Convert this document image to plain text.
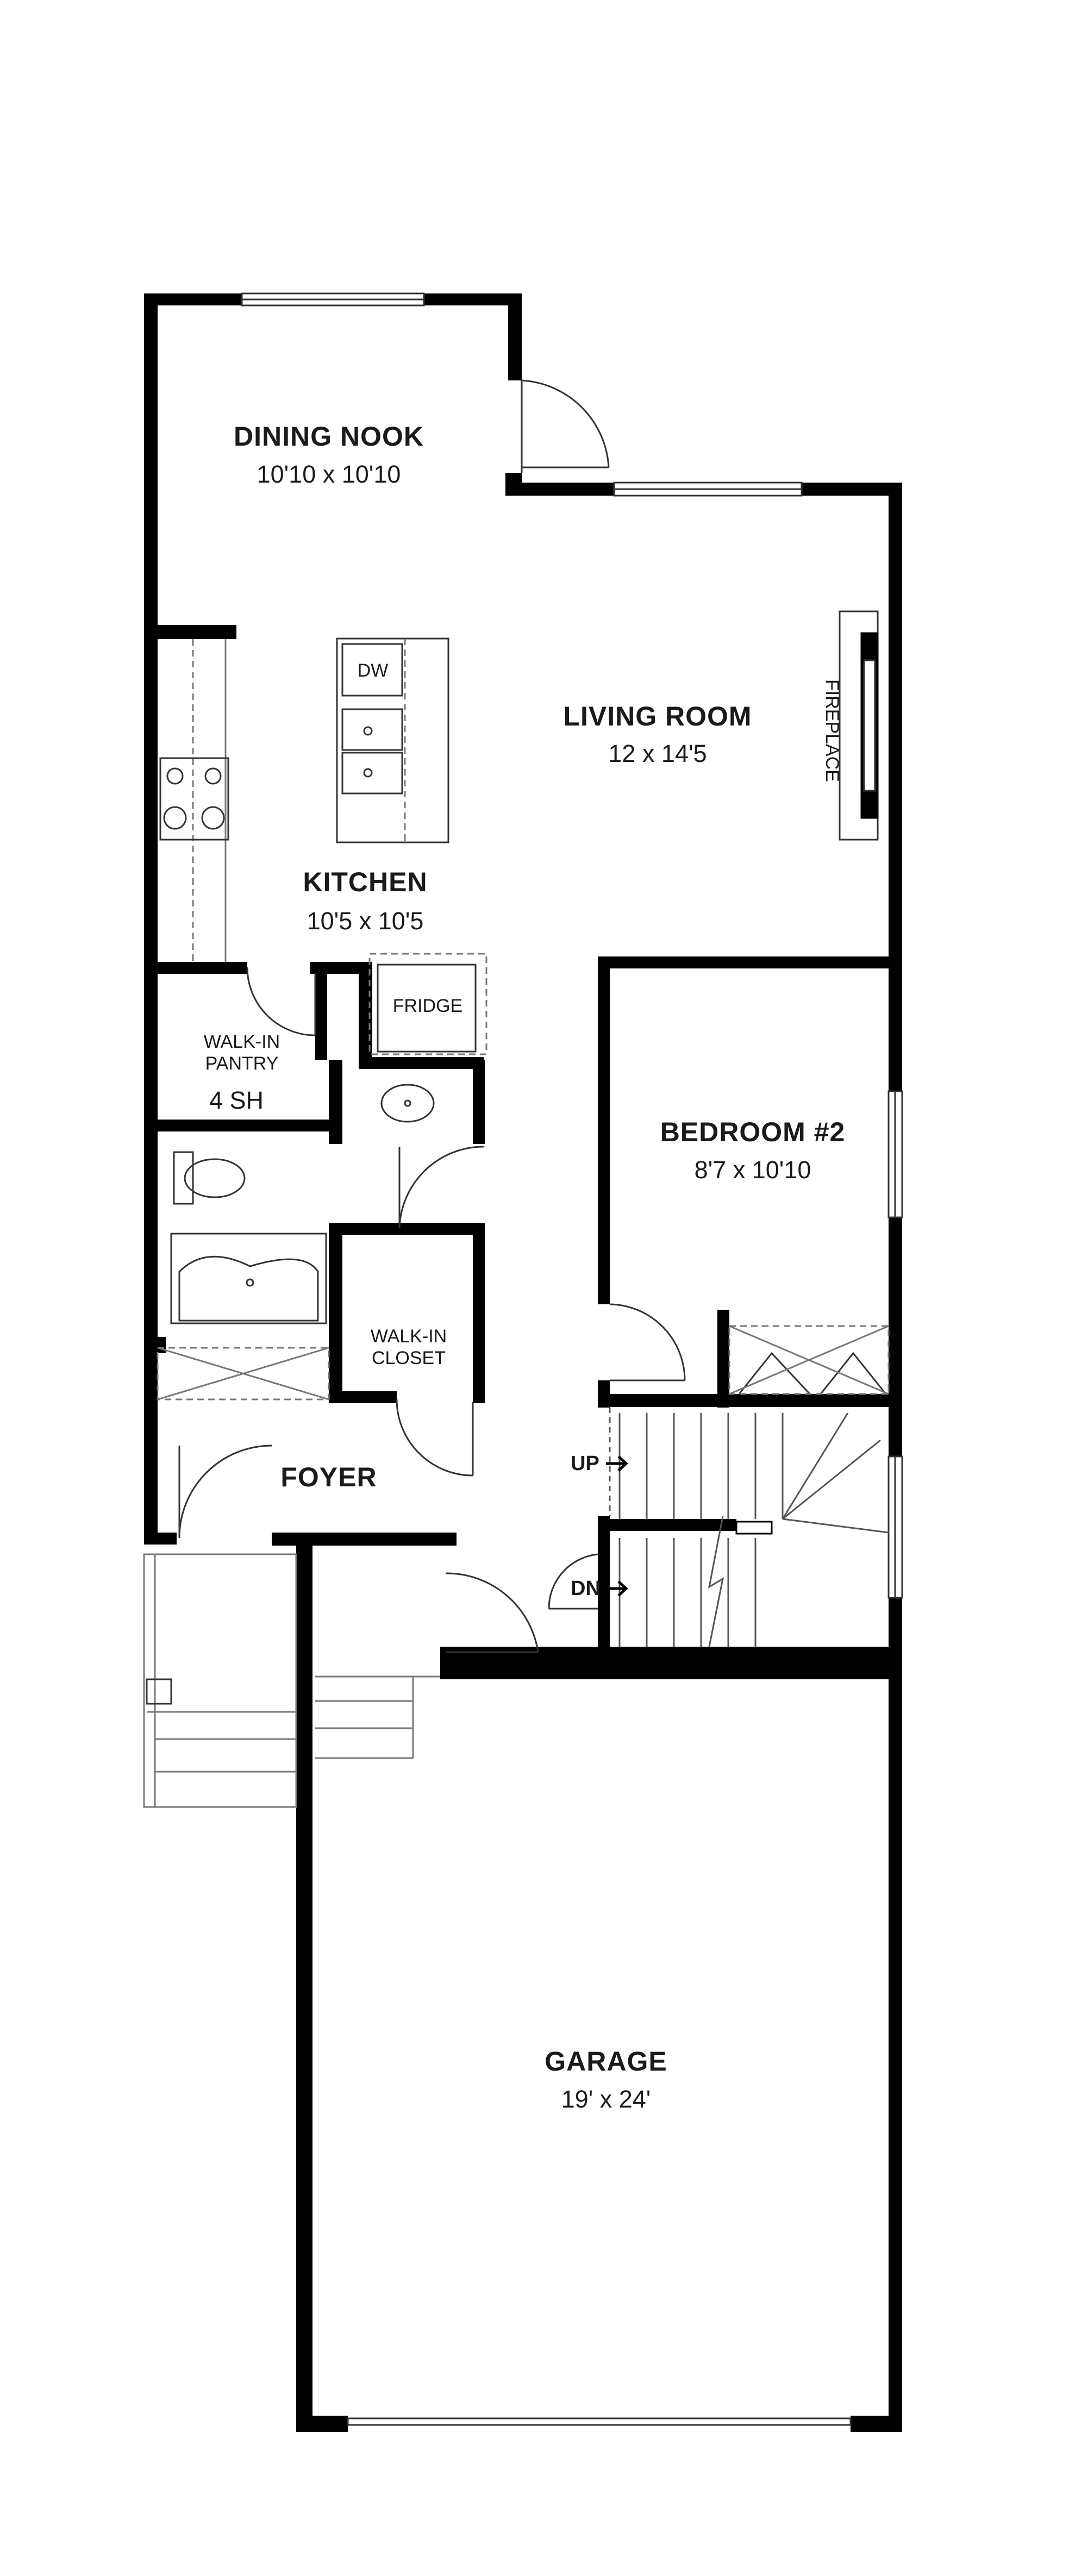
DINING NOOK
10'10 x 10'10
LIVING ROOM
12 x 14'5
KITCHEN
10'5 x 10'5
BEDROOM #2
8'7 x 10'10
FOYER
GARAGE
19' x 24'
DW
FIREPLACE
FRIDGE
WALK-IN
PANTRY
4 SH
WALK-IN
CLOSET
UP
DN
